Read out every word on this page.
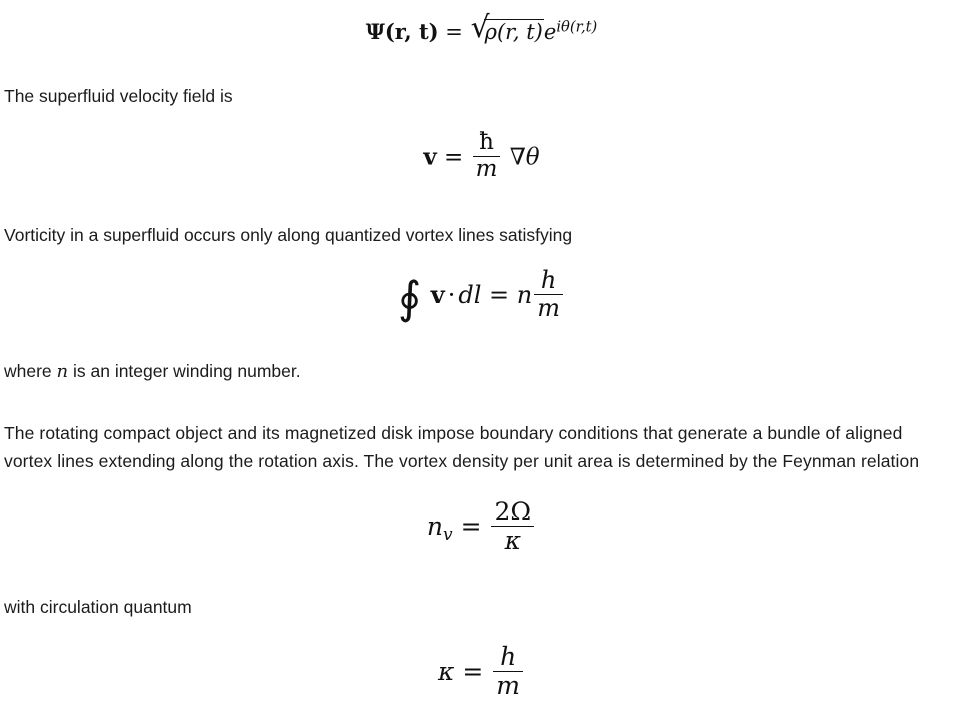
Ψ(r, t) = √ ρ(r, $t)e^{i\theta(r,t)}$

The superfluid velocity field is

$v = \frac{ħ}{m} \nabla\theta$

Vorticity in a superfluid occurs only along quantized vortex lines satisfying

∮ v · dl = n $\frac{h}{m}$

where n is an integer winding number.

The rotating compact object and its magnetized disk impose boundary conditions that generate a bundle of aligned vortex lines extending along the rotation axis. The vortex density per unit area is determined by the Feynman relation

$n_v = \frac{2\Omega}{\kappa}$

with circulation quantum

$\kappa = \frac{h}{m}$
